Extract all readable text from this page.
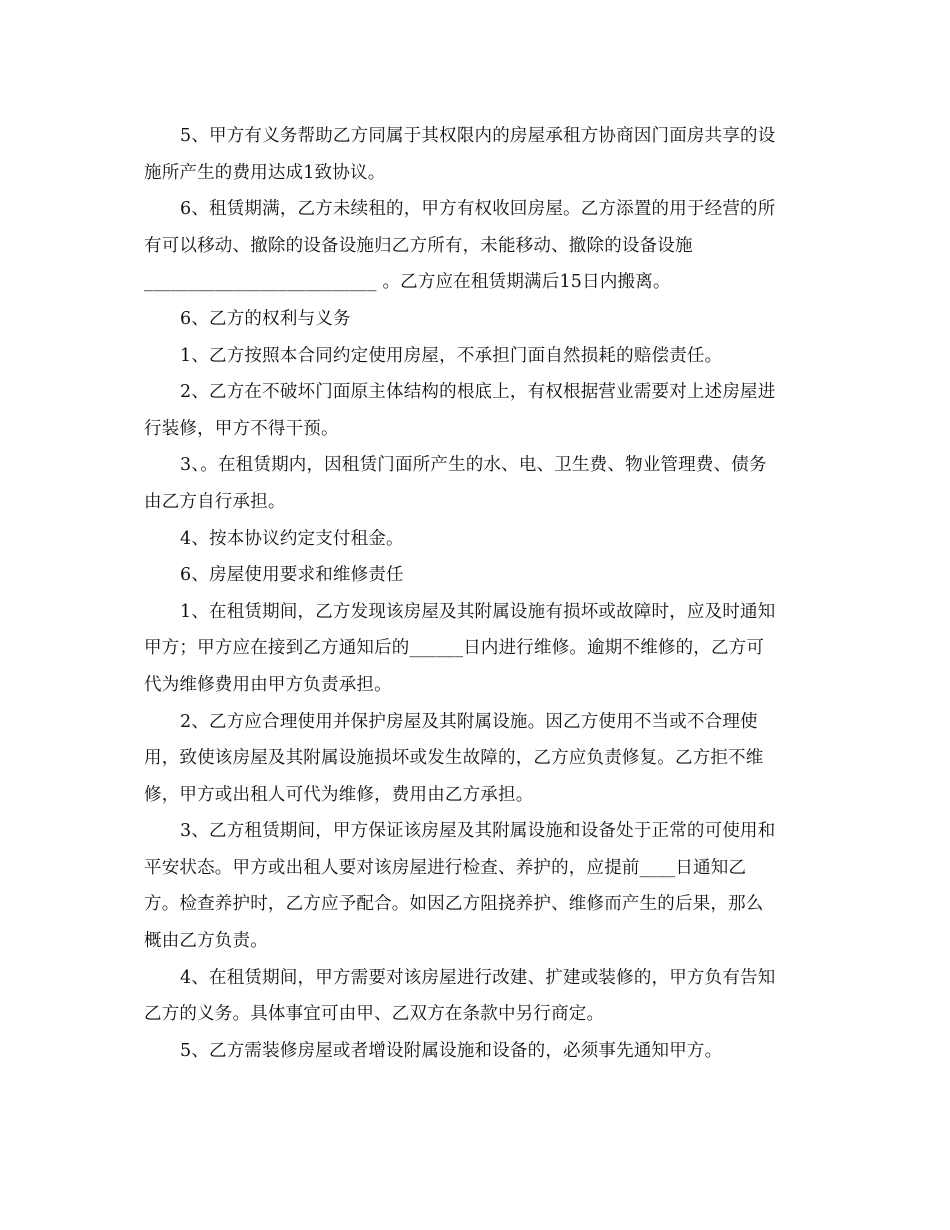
5、甲方有义务帮助乙方同属于其权限内的房屋承租方协商因门面房共享的设
施所产生的费用达成1致协议。

6、租赁期满，乙方未续租的，甲方有权收回房屋。乙方添置的用于经营的所
有可以移动、撤除的设备设施归乙方所有，未能移动、撤除的设备设施
__________________________ 。乙方应在租赁期满后15日内搬离。

6、乙方的权利与义务

1、乙方按照本合同约定使用房屋，不承担门面自然损耗的赔偿责任。

2、乙方在不破坏门面原主体结构的根底上，有权根据营业需要对上述房屋进
行装修，甲方不得干预。

3、。在租赁期内，因租赁门面所产生的水、电、卫生费、物业管理费、债务
由乙方自行承担。

4、按本协议约定支付租金。

6、房屋使用要求和维修责任

1、在租赁期间，乙方发现该房屋及其附属设施有损坏或故障时，应及时通知
甲方；甲方应在接到乙方通知后的______日内进行维修。逾期不维修的，乙方可
代为维修费用由甲方负责承担。

2、乙方应合理使用并保护房屋及其附属设施。因乙方使用不当或不合理使
用，致使该房屋及其附属设施损坏或发生故障的，乙方应负责修复。乙方拒不维
修，甲方或出租人可代为维修，费用由乙方承担。

3、乙方租赁期间，甲方保证该房屋及其附属设施和设备处于正常的可使用和
平安状态。甲方或出租人要对该房屋进行检查、养护的，应提前____日通知乙
方。检查养护时，乙方应予配合。如因乙方阻挠养护、维修而产生的后果，那么
概由乙方负责。

4、在租赁期间，甲方需要对该房屋进行改建、扩建或装修的，甲方负有告知
乙方的义务。具体事宜可由甲、乙双方在条款中另行商定。

5、乙方需装修房屋或者增设附属设施和设备的，必须事先通知甲方。
